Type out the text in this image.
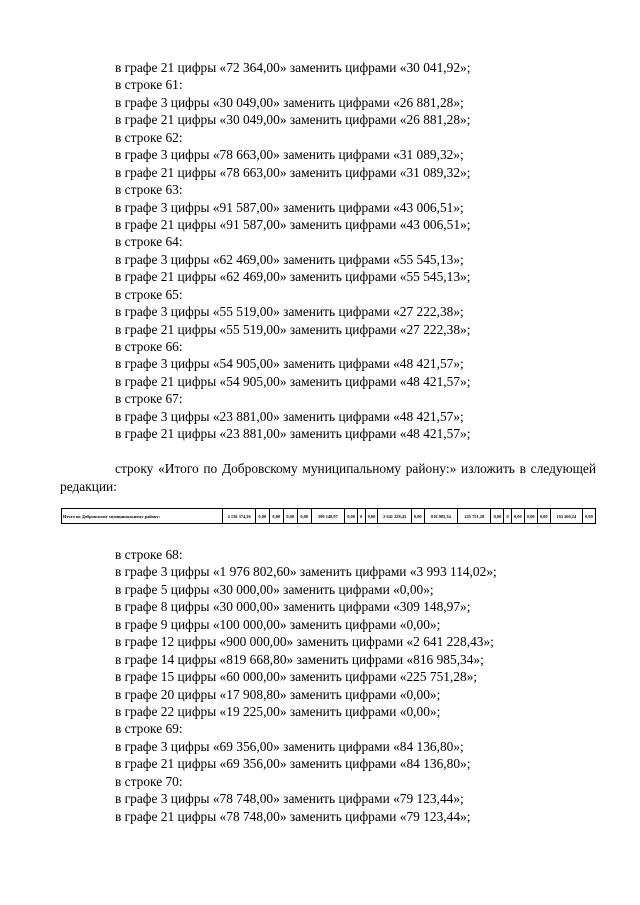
в графе 21 цифры «72 364,00» заменить цифрами «30 041,92»;
в строке 61:
в графе 3 цифры «30 049,00» заменить цифрами «26 881,28»;
в графе 21 цифры «30 049,00» заменить цифрами «26 881,28»;
в строке 62:
в графе 3 цифры «78 663,00» заменить цифрами «31 089,32»;
в графе 21 цифры «78 663,00» заменить цифрами «31 089,32»;
в строке 63:
в графе 3 цифры «91 587,00» заменить цифрами «43 006,51»;
в графе 21 цифры «91 587,00» заменить цифрами «43 006,51»;
в строке 64:
в графе 3 цифры «62 469,00» заменить цифрами «55 545,13»;
в графе 21 цифры «62 469,00» заменить цифрами «55 545,13»;
в строке 65:
в графе 3 цифры «55 519,00» заменить цифрами «27 222,38»;
в графе 21 цифры «55 519,00» заменить цифрами «27 222,38»;
в строке 66:
в графе 3 цифры «54 905,00» заменить цифрами «48 421,57»;
в графе 21 цифры «54 905,00» заменить цифрами «48 421,57»;
в строке 67:
в графе 3 цифры «23 881,00» заменить цифрами «48 421,57»;
в графе 21 цифры «23 881,00» заменить цифрами «48 421,57»;
строку «Итого по Добровскому муниципальному району:» изложить в следующей редакции:
Итого по Добровскому муниципальному району:	4 156 374,26	0,00	0,00	0,00	0,00	309 148,97	0,00	0	0,00	2 641 228,43	0,00	816 985,34	225 751,28	0,00	0	0,00	0,00	0,00	163 260,24	0,00
в строке 68:
в графе 3 цифры «1 976 802,60» заменить цифрами «3 993 114,02»;
в графе 5 цифры «30 000,00» заменить цифрами «0,00»;
в графе 8 цифры «30 000,00» заменить цифрами «309 148,97»;
в графе 9 цифры «100 000,00» заменить цифрами «0,00»;
в графе 12 цифры «900 000,00» заменить цифрами «2 641 228,43»;
в графе 14 цифры «819 668,80» заменить цифрами «816 985,34»;
в графе 15 цифры «60 000,00» заменить цифрами «225 751,28»;
в графе 20 цифры «17 908,80» заменить цифрами «0,00»;
в графе 22 цифры «19 225,00» заменить цифрами «0,00»;
в строке 69:
в графе 3 цифры «69 356,00» заменить цифрами «84 136,80»;
в графе 21 цифры «69 356,00» заменить цифрами «84 136,80»;
в строке 70:
в графе 3 цифры «78 748,00» заменить цифрами «79 123,44»;
в графе 21 цифры «78 748,00» заменить цифрами «79 123,44»;
